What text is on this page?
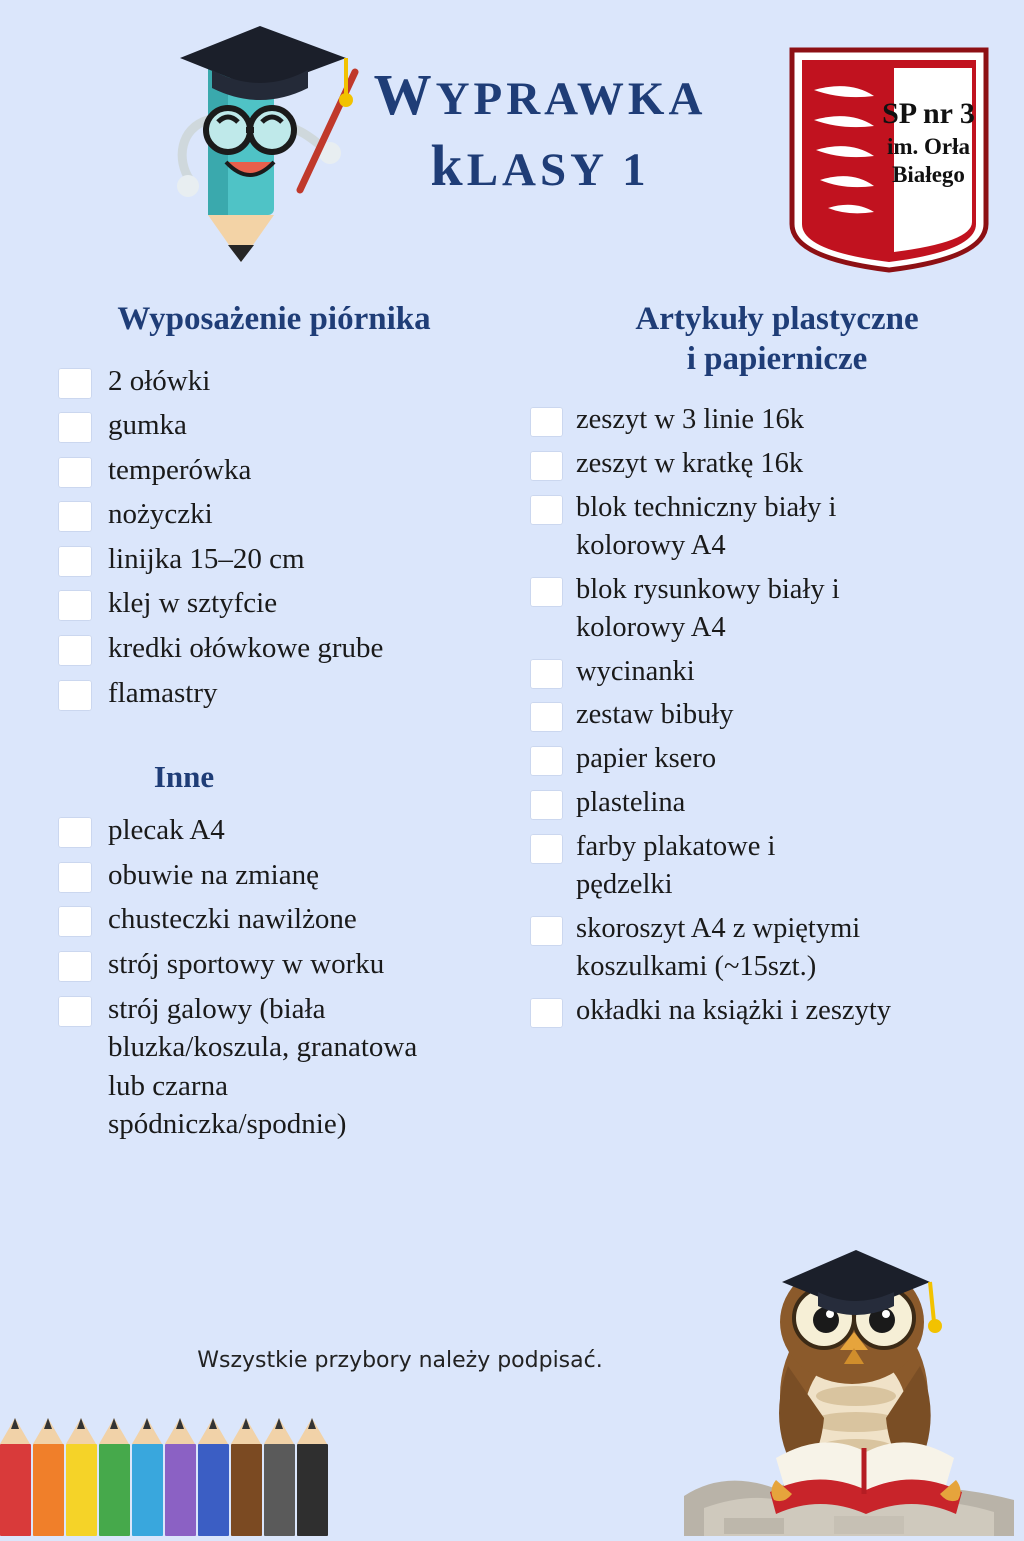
WYPRAWKA
kLASY 1
SP nr 3
im. Orła
Białego
Wyposażenie piórnika
2 ołówki
gumka
temperówka
nożyczki
linijka 15–20 cm
klej w sztyfcie
kredki ołówkowe grube
flamastry
Inne
plecak A4
obuwie na zmianę
chusteczki nawilżone
strój sportowy w worku
strój galowy (biała bluzka/koszula, granatowa lub czarna spódniczka/spodnie)
Artykuły plastyczne
i papiernicze
zeszyt w 3 linie 16k
zeszyt w kratkę 16k
blok techniczny biały i kolorowy A4
blok rysunkowy biały i kolorowy A4
wycinanki
zestaw bibuły
papier ksero
plastelina
farby plakatowe i pędzelki
skoroszyt A4 z wpiętymi koszulkami (~15szt.)
okładki na książki i zeszyty
Wszystkie przybory należy podpisać.
